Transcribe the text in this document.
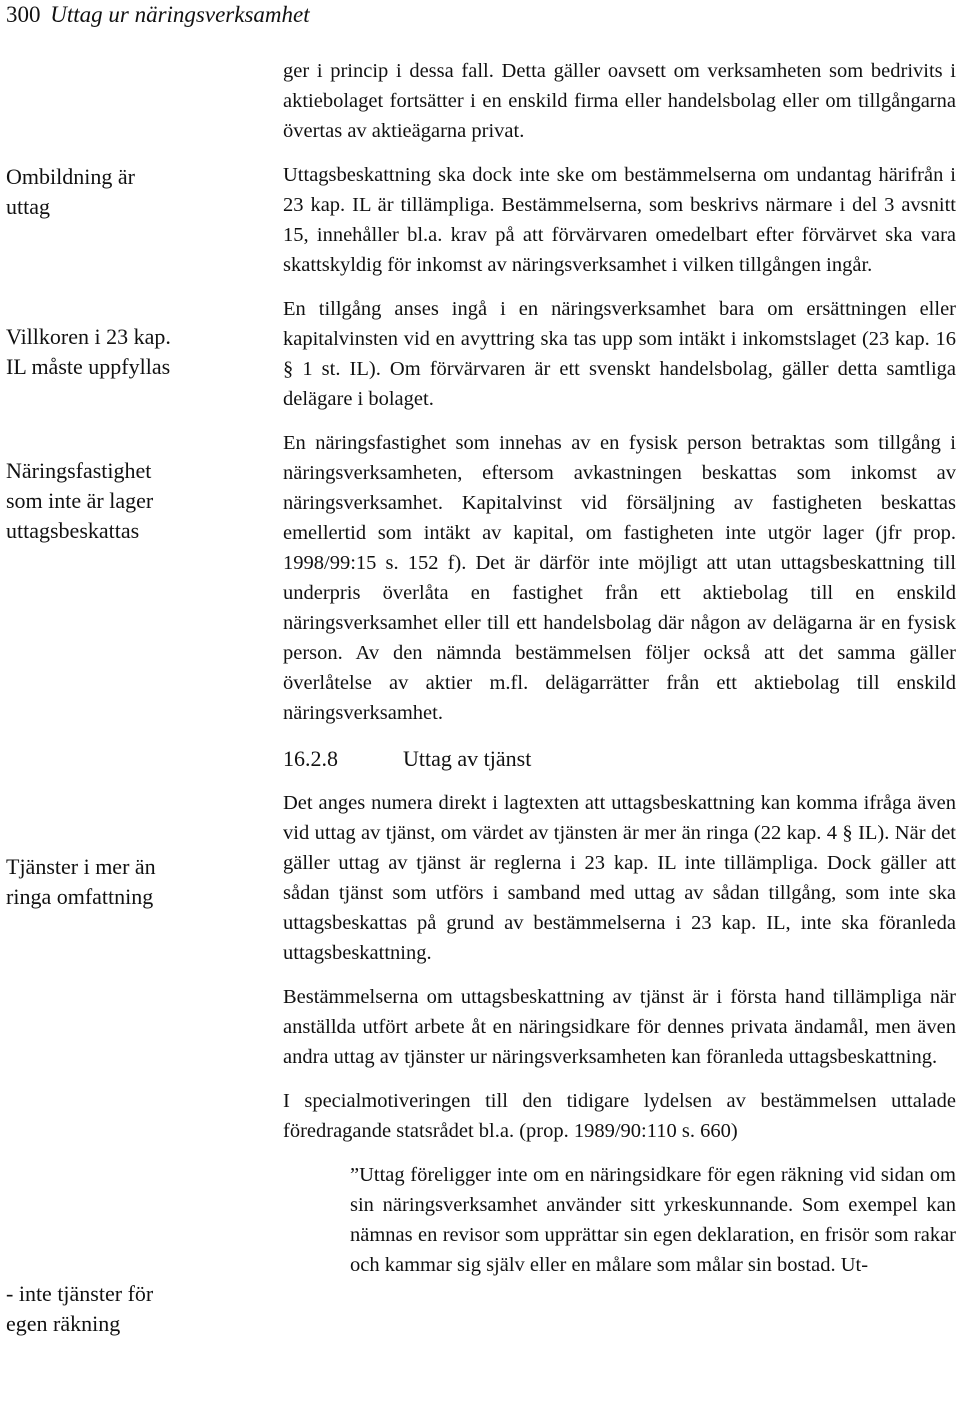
300 Uttag ur näringsverksamhet

Ombildning är

uttag

Villkoren i 23 kap.

IL måste uppfyllas

Näringsfastighet

som inte är lager

uttagsbeskattas

Tjänster i mer än

ringa omfattning

- inte tjänster för

egen räkning

ger i princip i dessa fall. Detta gäller oavsett om verksamheten som bedrivits i aktiebolaget fortsätter i en enskild firma eller handelsbolag eller om tillgångarna övertas av aktieägarna privat.

Uttagsbeskattning ska dock inte ske om bestämmelserna om undantag härifrån i 23 kap. IL är tillämpliga. Bestämmelserna, som beskrivs närmare i del 3 avsnitt 15, innehåller bl.a. krav på att förvärvaren omedelbart efter förvärvet ska vara skattskyldig för inkomst av näringsverksamhet i vilken tillgången ingår.

En tillgång anses ingå i en näringsverksamhet bara om ersättningen eller kapitalvinsten vid en avyttring ska tas upp som intäkt i inkomstslaget (23 kap. 16 § 1 st. IL). Om förvärvaren är ett svenskt handelsbolag, gäller detta samtliga delägare i bolaget.

En näringsfastighet som innehas av en fysisk person betraktas som tillgång i näringsverksamheten, eftersom avkastningen beskattas som inkomst av näringsverksamhet. Kapitalvinst vid försäljning av fastigheten beskattas emellertid som intäkt av kapital, om fastigheten inte utgör lager (jfr prop. 1998/99:15 s. 152 f). Det är därför inte möjligt att utan uttagsbeskattning till underpris överlåta en fastighet från ett aktiebolag till en enskild näringsverksamhet eller till ett handelsbolag där någon av delägarna är en fysisk person. Av den nämnda bestämmelsen följer också att det samma gäller överlåtelse av aktier m.fl. delägarrätter från ett aktiebolag till enskild näringsverksamhet.

16.2.8	Uttag av tjänst

Det anges numera direkt i lagtexten att uttagsbeskattning kan komma ifråga även vid uttag av tjänst, om värdet av tjänsten är mer än ringa (22 kap. 4 § IL). När det gäller uttag av tjänst är reglerna i 23 kap. IL inte tillämpliga. Dock gäller att sådan tjänst som utförs i samband med uttag av sådan tillgång, som inte ska uttagsbeskattas på grund av bestämmelserna i 23 kap. IL, inte ska föranleda uttagsbeskattning.

Bestämmelserna om uttagsbeskattning av tjänst är i första hand tillämpliga när anställda utfört arbete åt en näringsidkare för dennes privata ändamål, men även andra uttag av tjänster ur näringsverksamheten kan föranleda uttagsbeskattning.

I specialmotiveringen till den tidigare lydelsen av bestämmelsen uttalade föredragande statsrådet bl.a. (prop. 1989/90:110 s. 660)

”Uttag föreligger inte om en näringsidkare för egen räkning vid sidan om sin näringsverksamhet använder sitt yrkeskunnande. Som exempel kan nämnas en revisor som upprättar sin egen deklaration, en frisör som rakar och kammar sig själv eller en målare som målar sin bostad. Ut-
